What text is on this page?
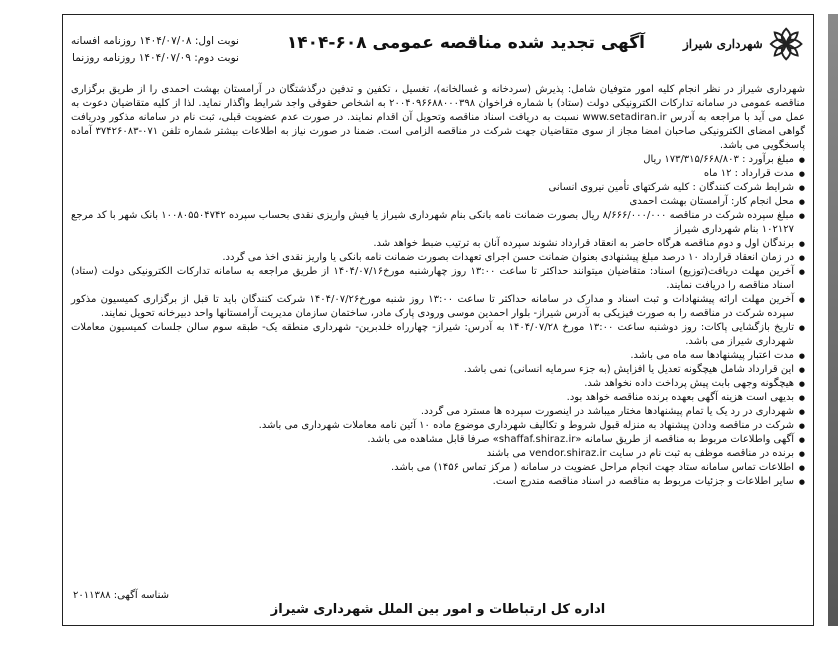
شهرداری شیراز
آگهی تجدید شده مناقصه عمومی ۶۰۸-۱۴۰۴
نوبت اول: ۱۴۰۴/۰۷/۰۸ روزنامه افسانه
نوبت دوم: ۱۴۰۴/۰۷/۰۹ روزنامه روزنما

شهرداری شیراز در نظر انجام کلیه امور متوفیان شامل: پذیرش (سردخانه و غسالخانه)، تغسیل ، تکفین و تدفین درگذشتگان در آرامستان بهشت احمدی را از طریق برگزاری مناقصه عمومی در سامانه تدارکات الکترونیکی دولت (ستاد) با شماره فراخوان ۲۰۰۴۰۹۶۶۸۸۰۰۰۳۹۸ به اشخاص حقوقی واجد شرایط واگذار نماید. لذا از کلیه متقاضیان دعوت به عمل می آید با مراجعه به آدرس www.setadiran.ir نسبت به دریافت اسناد مناقصه وتحویل آن اقدام نمایند. در صورت عدم عضویت قبلی، ثبت نام در سامانه مذکور ودریافت گواهی امضای الکترونیکی صاحبان امضا مجاز از سوی متقاضیان جهت شرکت در مناقصه الزامی است. ضمنا در صورت نیاز به اطلاعات بیشتر شماره تلفن ۰۷۱-۳۷۴۲۶۰۸۳ آماده پاسخگویی می باشد.

● مبلغ برآورد : ۱۷۳/۳۱۵/۶۶۸/۸۰۳ ریال
● مدت قرارداد : ۱۲ ماه
● شرایط شرکت کنندگان : کلیه شرکتهای تأمین نیروی انسانی
● محل انجام کار: آرامستان بهشت احمدی
● مبلغ سپرده شرکت در مناقصه ۸/۶۶۶/۰۰۰/۰۰۰ ریال بصورت ضمانت نامه بانکی بنام شهرداری شیراز یا فیش واریزی نقدی بحساب سپرده ۱۰۰۸۰۵۵۰۴۷۴۲ بانک شهر با کد مرجع ۱۰۲۱۲۷ بنام شهرداری شیراز
● برندگان اول و دوم مناقصه هرگاه حاضر به انعقاد قرارداد نشوند سپرده آنان به ترتیب ضبط خواهد شد.
● در زمان انعقاد قرارداد ۱۰ درصد مبلغ پیشنهادی بعنوان ضمانت حسن اجرای تعهدات بصورت ضمانت نامه بانکی یا واریز نقدی اخذ می گردد.
● آخرین مهلت دریافت(توزیع) اسناد: متقاضیان میتوانند حداکثر تا ساعت ۱۳:۰۰ روز چهارشنبه مورخ۱۴۰۴/۰۷/۱۶ از طریق مراجعه به سامانه تدارکات الکترونیکی دولت (ستاد) اسناد مناقصه را دریافت نمایند.
● آخرین مهلت ارائه پیشنهادات و ثبت اسناد و مدارک در سامانه حداکثر تا ساعت ۱۳:۰۰ روز شنبه مورخ۱۴۰۴/۰۷/۲۶ شرکت کنندگان باید تا قبل از برگزاری کمیسیون مذکور سپرده شرکت در مناقصه را به صورت فیزیکی به آدرس شیراز- بلوار احمدین موسی ورودی پارک مادر، ساختمان سازمان مدیریت آرامستانها واحد دبیرخانه تحویل نمایند.
● تاریخ بازگشایی پاکات: روز دوشنبه ساعت ۱۳:۰۰ مورخ ۱۴۰۴/۰۷/۲۸ به آدرس: شیراز- چهارراه خلدبرین- شهرداری منطقه یک- طبقه سوم سالن جلسات کمیسیون معاملات شهرداری شیراز می باشد.
● مدت اعتبار پیشنهادها سه ماه می باشد.
● این قرارداد شامل هیچگونه تعدیل یا افزایش (به جزء سرمایه انسانی) نمی باشد.
● هیچگونه وجهی بابت پیش پرداخت داده نخواهد شد.
● بدیهی است هزینه آگهی بعهده برنده مناقصه خواهد بود.
● شهرداری در رد یک یا تمام پیشنهادها مختار میباشد در اینصورت سپرده ها مسترد می گردد.
● شرکت در مناقصه ودادن پیشنهاد به منزله قبول شروط و تکالیف شهرداری موضوع ماده ۱۰ آئین نامه معاملات شهرداری می باشد.
● آگهی واطلاعات مربوط به مناقصه از طریق سامانه «shaffaf.shiraz.ir» صرفا قابل مشاهده می باشد.
● برنده در مناقصه موظف به ثبت نام در سایت vendor.shiraz.ir می باشند
● اطلاعات تماس سامانه ستاد جهت انجام مراحل عضویت در سامانه ( مرکز تماس ۱۴۵۶) می باشد.
● سایر اطلاعات و جزئیات مربوط به مناقصه در اسناد مناقصه مندرج است.
شناسه آگهی: ۲۰۱۱۳۸۸
اداره کل ارتباطات و امور بین الملل شهرداری شیراز
